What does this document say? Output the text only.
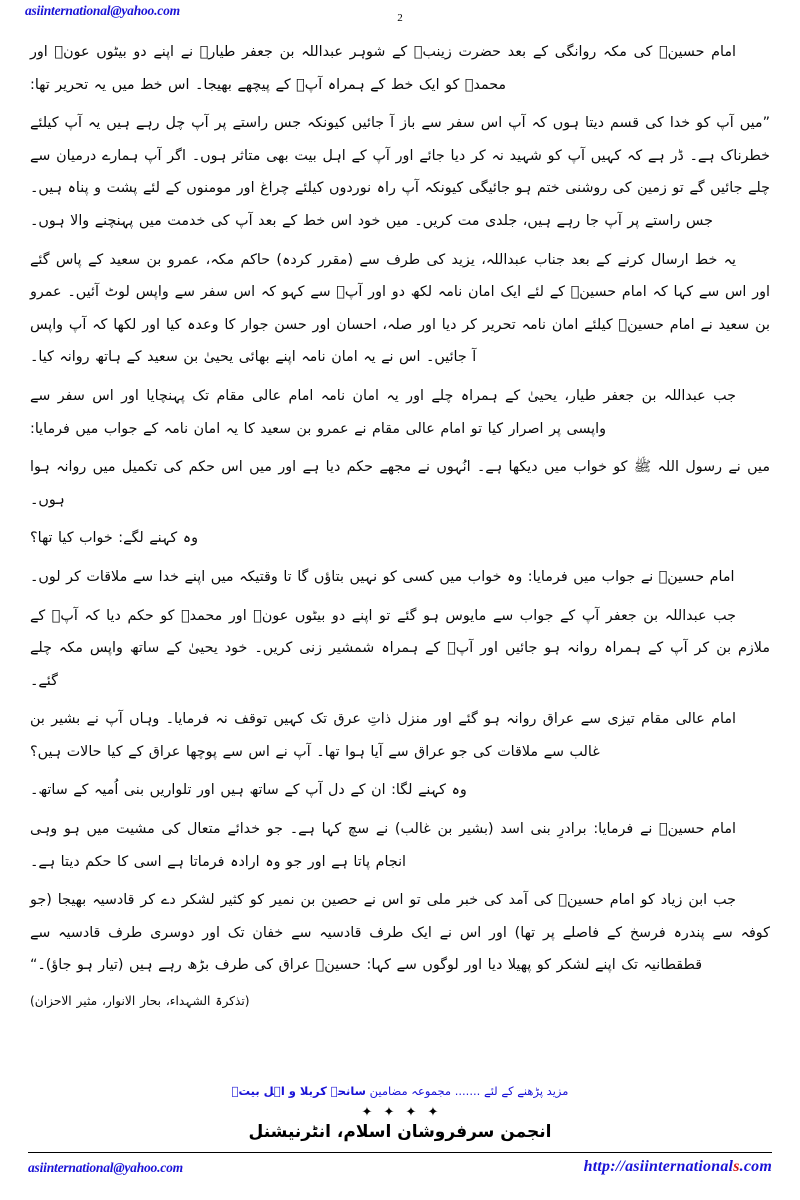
asiinternational@yahoo.com	2

امام حسینؑ کی مکہ روانگی کے بعد حضرت زینبؑ کے شوہر عبداللہ بن جعفر طیارؓ نے اپنے دو بیٹوں عونؓ اور محمدؓ کو ایک خط کے ہمراہ آپؑ کے پیچھے بھیجا۔ اس خط میں یہ تحریر تھا:

”میں آپ کو خدا کی قسم دیتا ہوں کہ آپ اس سفر سے باز آ جائیں کیونکہ جس راستے پر آپ چل رہے ہیں یہ آپ کیلئے خطرناک ہے۔ ڈر ہے کہ کہیں آپ کو شہید نہ کر دیا جائے اور آپ کے اہل بیت بھی متاثر ہوں۔ اگر آپ ہمارے درمیان سے چلے جائیں گے تو زمین کی روشنی ختم ہو جائیگی کیونکہ آپ راہ نوردوں کیلئے چراغ اور مومنوں کے لئے پشت و پناہ ہیں۔ جس راستے پر آپ جا رہے ہیں، جلدی مت کریں۔ میں خود اس خط کے بعد آپ کی خدمت میں پہنچنے والا ہوں۔

یہ خط ارسال کرنے کے بعد جناب عبداللہ، یزید کی طرف سے (مقرر کردہ) حاکم مکہ، عمرو بن سعید کے پاس گئے اور اس سے کہا کہ امام حسینؑ کے لئے ایک امان نامہ لکھ دو اور آپؑ سے کہو کہ اس سفر سے واپس لوٹ آئیں۔ عمرو بن سعید نے امام حسینؑ کیلئے امان نامہ تحریر کر دیا اور صلہ، احسان اور حسن جوار کا وعدہ کیا اور لکھا کہ آپ واپس آ جائیں۔ اس نے یہ امان نامہ اپنے بھائی یحییٰ بن سعید کے ہاتھ روانہ کیا۔

جب عبداللہ بن جعفر طیار، یحییٰ کے ہمراہ چلے اور یہ امان نامہ امام عالی مقام تک پہنچایا اور اس سفر سے واپسی پر اصرار کیا تو امام عالی مقام نے عمرو بن سعید کا یہ امان نامہ کے جواب میں فرمایا:

میں نے رسول اللہ ﷺ کو خواب میں دیکھا ہے۔ انُہوں نے مجھے حکم دیا ہے اور میں اس حکم کی تکمیل میں روانہ ہوا ہوں۔

وہ کہنے لگے: خواب کیا تھا؟

امام حسینؑ نے جواب میں فرمایا: وہ خواب میں کسی کو نہیں بتاؤں گا تا وقتیکہ میں اپنے خدا سے ملاقات کر لوں۔

جب عبداللہ بن جعفر آپ کے جواب سے مایوس ہو گئے تو اپنے دو بیٹوں عونؓ اور محمدؓ کو حکم دیا کہ آپؑ کے ملازم بن کر آپ کے ہمراہ روانہ ہو جائیں اور آپؑ کے ہمراہ شمشیر زنی کریں۔ خود یحییٰ کے ساتھ واپس مکہ چلے گئے۔

امام عالی مقام تیزی سے عراق روانہ ہو گئے اور منزل ذاتِ عرق تک کہیں توقف نہ فرمایا۔ وہاں آپ نے بشیر بن غالب سے ملاقات کی جو عراق سے آیا ہوا تھا۔ آپ نے اس سے پوچھا عراق کے کیا حالات ہیں؟

وہ کہنے لگا: ان کے دل آپ کے ساتھ ہیں اور تلواریں بنی اُمیہ کے ساتھ۔

امام حسینؑ نے فرمایا: برادرِ بنی اسد (بشیر بن غالب) نے سچ کہا ہے۔ جو خدائے متعال کی مشیت میں ہو وہی انجام پاتا ہے اور جو وہ ارادہ فرماتا ہے اسی کا حکم دیتا ہے۔

جب ابن زیاد کو امام حسینؑ کی آمد کی خبر ملی تو اس نے حصین بن نمیر کو کثیر لشکر دے کر قادسیہ بھیجا (جو کوفہ سے پندرہ فرسخ کے فاصلے پر تھا) اور اس نے ایک طرف قادسیہ سے خفان تک اور دوسری طرف قادسیہ سے قطقطانیہ تک اپنے لشکر کو پھیلا دیا اور لوگوں سے کہا: حسینؑ عراق کی طرف بڑھ رہے ہیں (تیار ہو جاؤ)۔“

(تذکرۃ الشہداء، بحار الانوار، مثیر الاحزان)

مزید پڑھنے کے لئے ....... مجموعہ مضامین سانحہ کربلا و اہل بیتؓ
✦ ✦ ✦ ✦
انجمن سرفروشان اسلام، انٹرنیشنل
asiinternational@yahoo.com	http://asiinternationals.com
